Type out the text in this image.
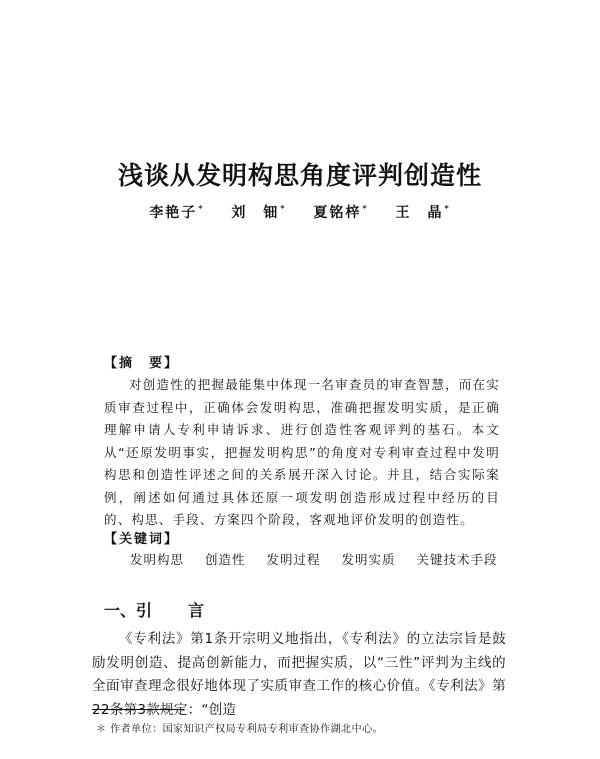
浅谈从发明构思角度评判创造性
李艳子* 刘　钿* 夏铭梓* 王　晶*
【摘　要】
对创造性的把握最能集中体现一名审查员的审查智慧，而在实质审查过程中，正确体会发明构思，准确把握发明实质，是正确理解申请人专利申请诉求、进行创造性客观评判的基石。本文从“还原发明事实，把握发明构思”的角度对专利审查过程中发明构思和创造性评述之间的关系展开深入讨论。并且，结合实际案例，阐述如何通过具体还原一项发明创造形成过程中经历的目的、构思、手段、方案四个阶段，客观地评价发明的创造性。
【关键词】
发明构思 创造性 发明过程 发明实质 关键技术手段
一、引 言
《专利法》第1条开宗明义地指出，《专利法》的立法宗旨是鼓励发明创造、提高创新能力，而把握实质，以“三性”评判为主线的全面审查理念很好地体现了实质审查工作的核心价值。《专利法》第22条第3款规定：“创造
＊ 作者单位：国家知识产权局专利局专利审查协作湖北中心。
